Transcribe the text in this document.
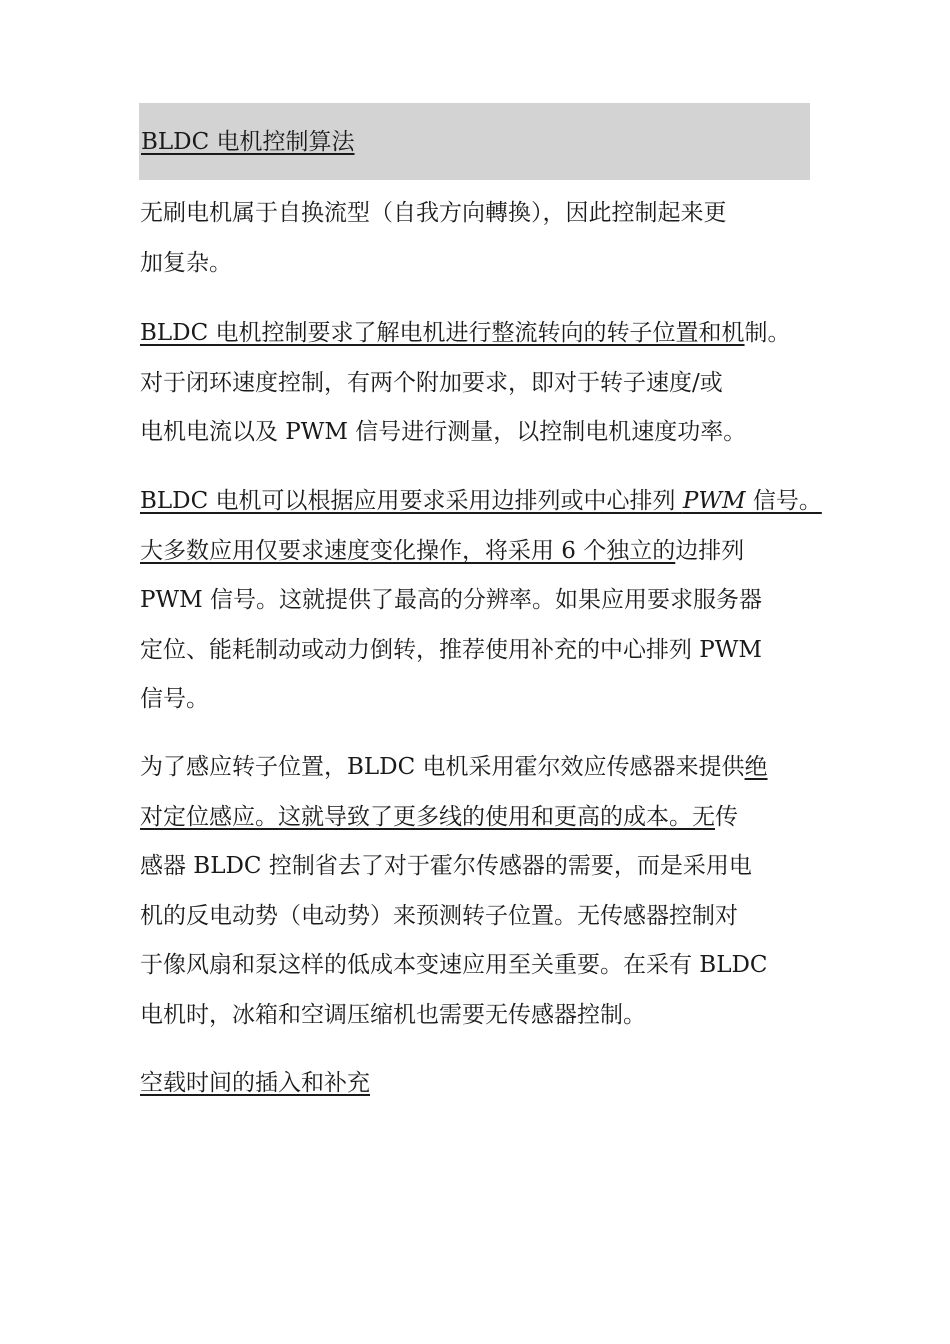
BLDC 电机控制算法
无刷电机属于自换流型（自我方向轉換），因此控制起来更
加复杂。
BLDC 电机控制要求了解电机进行整流转向的转子位置和机制。
对于闭环速度控制，有两个附加要求，即对于转子速度/或
电机电流以及 PWM 信号进行测量，以控制电机速度功率。
BLDC 电机可以根据应用要求采用边排列或中心排列 PWM 信号。
大多数应用仅要求速度变化操作，将采用 6 个独立的边排列
PWM 信号。这就提供了最高的分辨率。如果应用要求服务器
定位、能耗制动或动力倒转，推荐使用补充的中心排列 PWM
信号。
为了感应转子位置，BLDC 电机采用霍尔效应传感器来提供绝
对定位感应。这就导致了更多线的使用和更高的成本。无传
感器 BLDC 控制省去了对于霍尔传感器的需要，而是采用电
机的反电动势（电动势）来预测转子位置。无传感器控制对
于像风扇和泵这样的低成本变速应用至关重要。在采有 BLDC
电机时，冰箱和空调压缩机也需要无传感器控制。
空载时间的插入和补充
